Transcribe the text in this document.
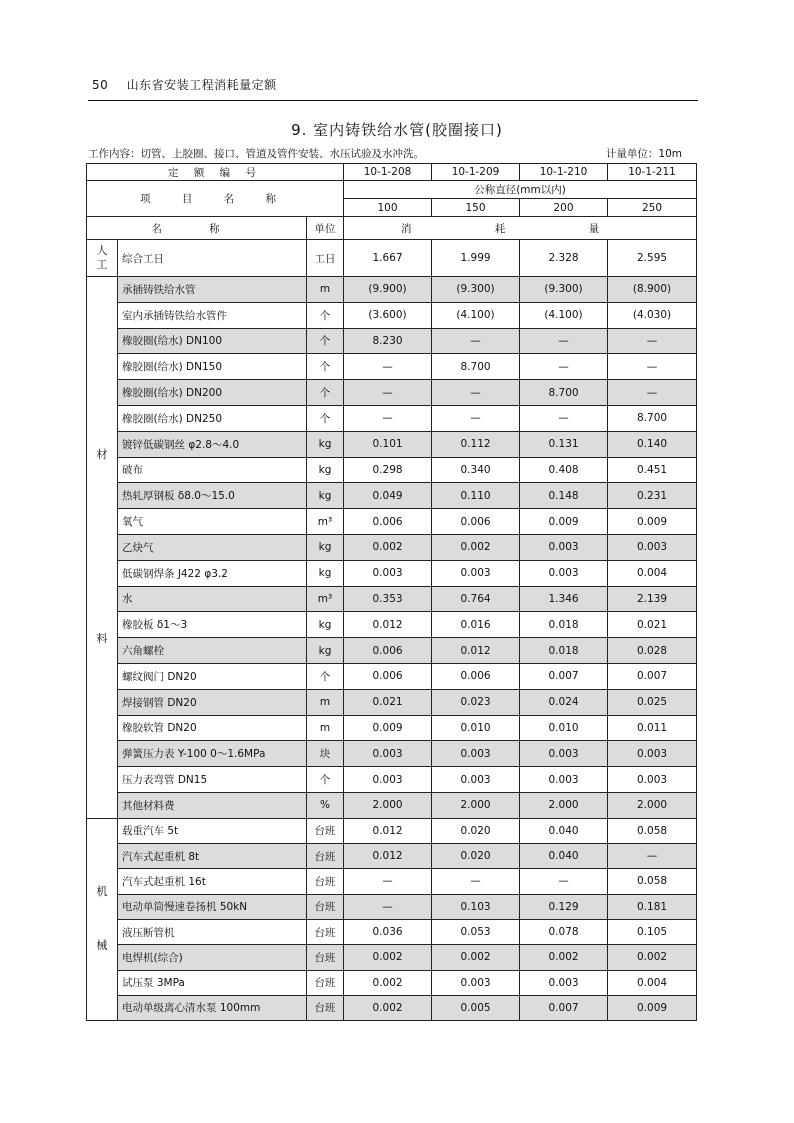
50 山东省安装工程消耗量定额
9. 室内铸铁给水管(胶圈接口)
工作内容：切管、上胶圈、接口、管道及管件安装、水压试验及水冲洗。	计量单位：10m
定 额 编 号			10-1-208	10-1-209	10-1-210	10-1-211
项 目 名 称			公称直径(mm以内)			
			100	150	200	250
名 称		单位	消 耗 量			

人
工	综合工日	工日	1.667	1.999	2.328	2.595

材
料	承插铸铁给水管	m	(9.900)	(9.300)	(9.300)	(8.900)
	室内承插铸铁给水管件	个	(3.600)	(4.100)	(4.100)	(4.030)
	橡胶圈(给水) DN100	个	8.230	—	—	—
	橡胶圈(给水) DN150	个	—	8.700	—	—
	橡胶圈(给水) DN200	个	—	—	8.700	—
	橡胶圈(给水) DN250	个	—	—	—	8.700
	镀锌低碳钢丝 φ2.8～4.0	kg	0.101	0.112	0.131	0.140
	破布	kg	0.298	0.340	0.408	0.451
	热轧厚钢板 δ8.0～15.0	kg	0.049	0.110	0.148	0.231
	氧气	m³	0.006	0.006	0.009	0.009
	乙炔气	kg	0.002	0.002	0.003	0.003
	低碳钢焊条 J422 φ3.2	kg	0.003	0.003	0.003	0.004
	水	m³	0.353	0.764	1.346	2.139
	橡胶板 δ1～3	kg	0.012	0.016	0.018	0.021
	六角螺栓	kg	0.006	0.012	0.018	0.028
	螺纹阀门 DN20	个	0.006	0.006	0.007	0.007
	焊接钢管 DN20	m	0.021	0.023	0.024	0.025
	橡胶软管 DN20	m	0.009	0.010	0.010	0.011
	弹簧压力表 Y-100 0～1.6MPa	块	0.003	0.003	0.003	0.003
	压力表弯管 DN15	个	0.003	0.003	0.003	0.003
	其他材料费	%	2.000	2.000	2.000	2.000

机
械	载重汽车 5t	台班	0.012	0.020	0.040	0.058
	汽车式起重机 8t	台班	0.012	0.020	0.040	—
	汽车式起重机 16t	台班	—	—	—	0.058
	电动单筒慢速卷扬机 50kN	台班	—	0.103	0.129	0.181
	液压断管机	台班	0.036	0.053	0.078	0.105
	电焊机(综合)	台班	0.002	0.002	0.002	0.002
	试压泵 3MPa	台班	0.002	0.003	0.003	0.004
	电动单级离心清水泵 100mm	台班	0.002	0.005	0.007	0.009
